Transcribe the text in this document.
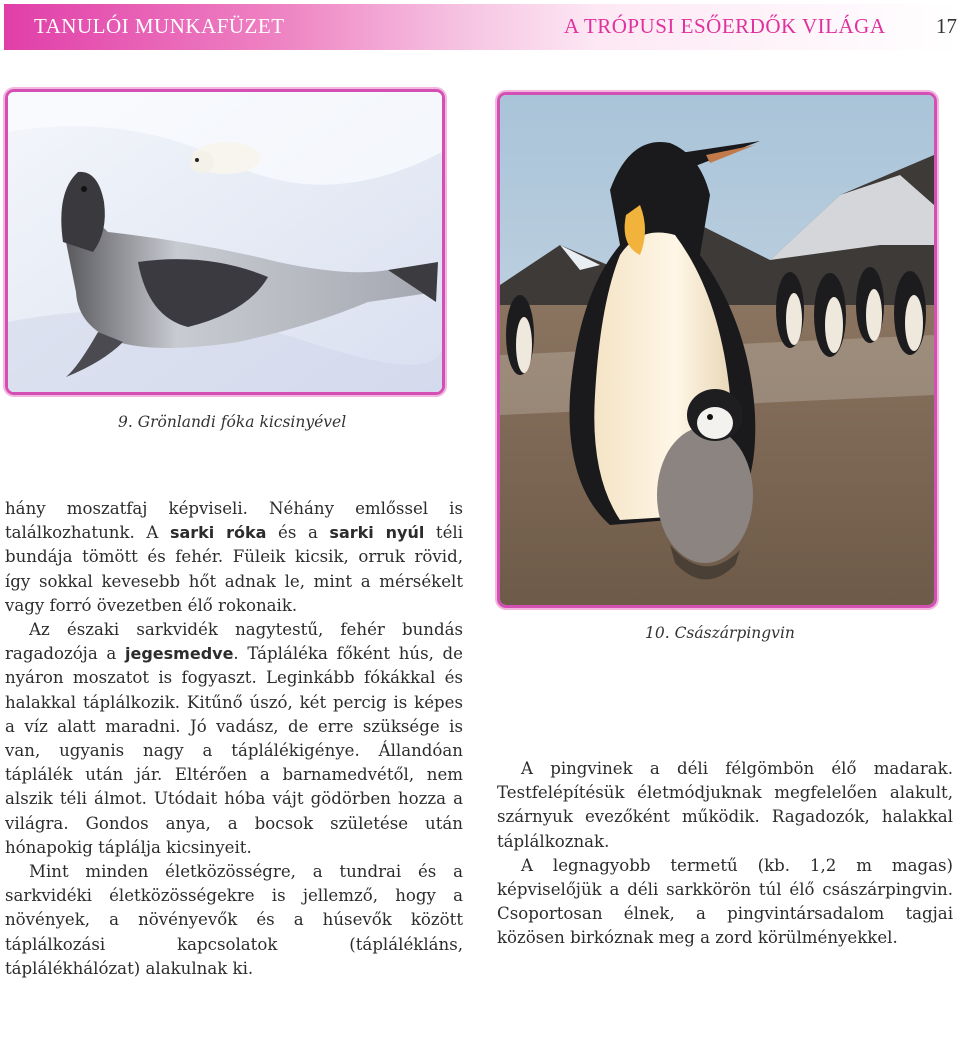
TANULÓI MUNKAFÜZET	A TRÓPUSI ESŐERDŐK VILÁGA 17
9. Grönlandi fóka kicsinyével
10. Császárpingvin

hány moszatfaj képviseli. Néhány emlőssel is találkozhatunk. A sarki róka és a sarki nyúl téli bundája tömött és fehér. Füleik kicsik, orruk rövid, így sokkal kevesebb hőt adnak le, mint a mérsékelt vagy forró övezetben élő rokonaik.

Az északi sarkvidék nagytestű, fehér bundás ragadozója a jegesmedve. Tápláléka főként hús, de nyáron moszatot is fogyaszt. Leginkább fókákkal és halakkal táplálkozik. Kitűnő úszó, két percig is képes a víz alatt maradni. Jó vadász, de erre szüksége is van, ugyanis nagy a táplálékigénye. Állandóan táplálék után jár. Eltérően a barnamedvétől, nem alszik téli álmot. Utódait hóba vájt gödörben hozza a világra. Gondos anya, a bocsok születése után hónapokig táplálja kicsinyeit.

Mint minden életközösségre, a tundrai és a sarkvidéki életközösségekre is jellemző, hogy a növények, a növényevők és a húsevők között táplálkozási kapcsolatok (táplálékláns, táplálékhálózat) alakulnak ki.

A pingvinek a déli félgömbön élő madarak. Testfelépítésük életmódjuknak megfelelően alakult, szárnyuk evezőként működik. Ragadozók, halakkal táplálkoznak.

A legnagyobb termetű (kb. 1,2 m magas) képviselőjük a déli sarkkörön túl élő császárpingvin. Csoportosan élnek, a pingvintársadalom tagjai közösen birkóznak meg a zord körülményekkel.
